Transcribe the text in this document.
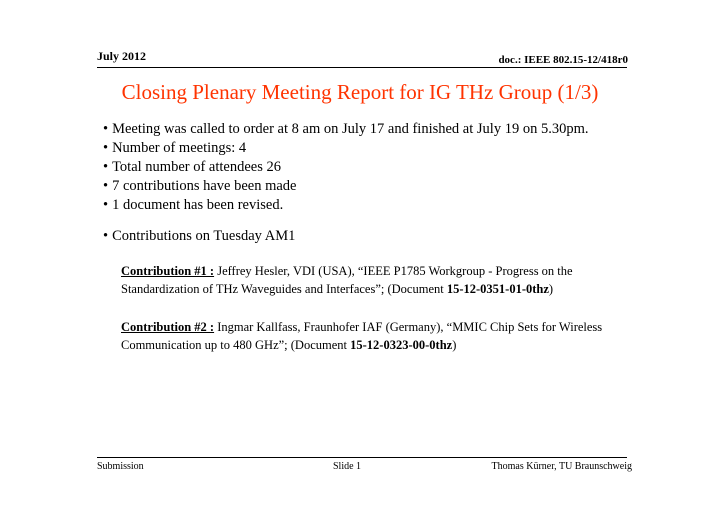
July 2012	doc.: IEEE 802.15-12/418r0
Closing Plenary Meeting Report for IG THz Group (1/3)
• Meeting was called to order at 8 am on July 17 and finished at July 19 on 5.30pm.
• Number of meetings: 4
• Total number of attendees 26
• 7 contributions have been made
• 1 document has been revised.
• Contributions on Tuesday AM1
Contribution #1 : Jeffrey Hesler, VDI (USA), “IEEE P1785 Workgroup - Progress on the Standardization of THz Waveguides and Interfaces”; (Document 15-12-0351-01-0thz)
Contribution #2 : Ingmar Kallfass, Fraunhofer IAF (Germany), “MMIC Chip Sets for Wireless Communication up to 480 GHz”; (Document 15-12-0323-00-0thz)
Submission	Slide 1	Thomas Kürner, TU Braunschweig
